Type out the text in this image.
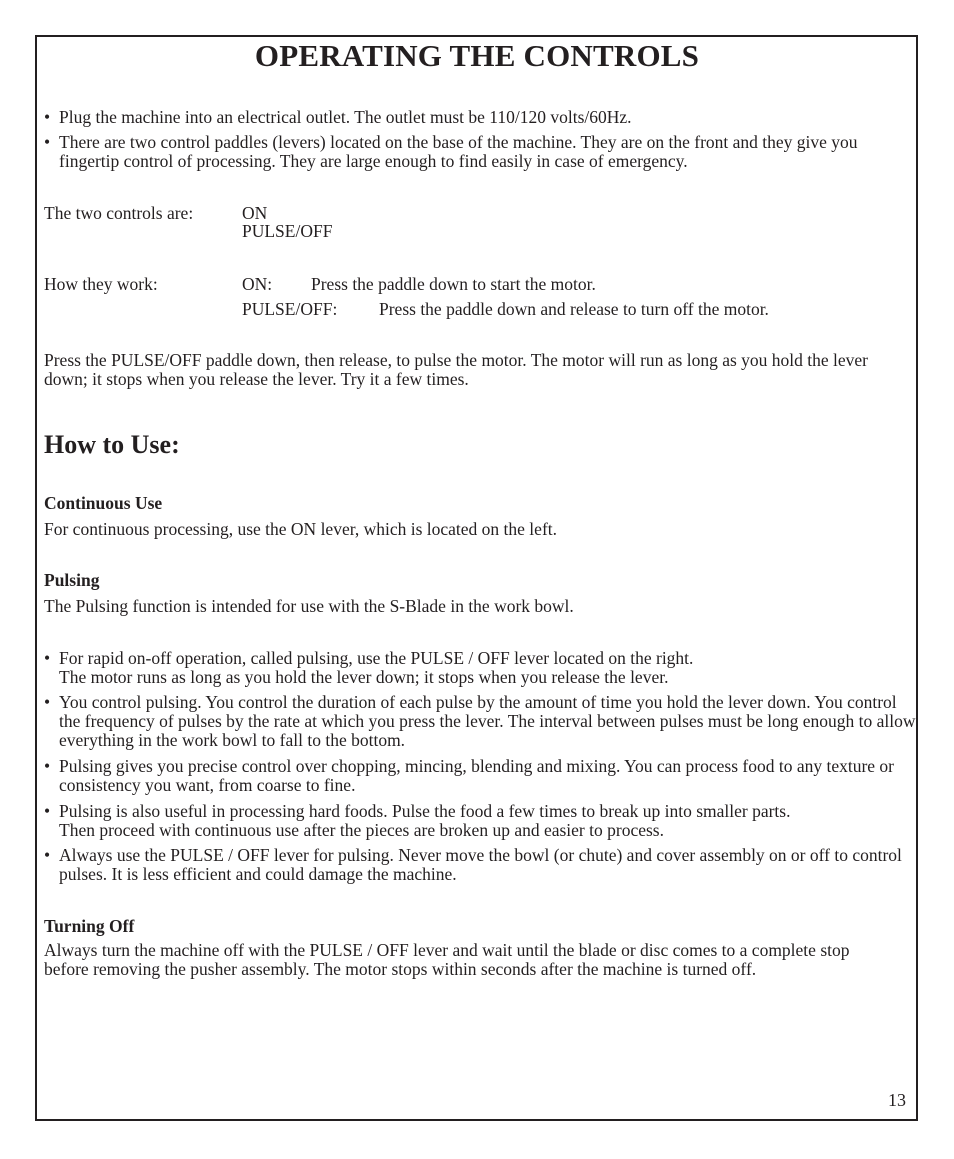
OPERATING THE CONTROLS
• Plug the machine into an electrical outlet. The outlet must be 110/120 volts/60Hz.
• There are two control paddles (levers) located on the base of the machine. They are on the front and they give you fingertip control of processing. They are large enough to find easily in case of emergency.
The two controls are:	ON
PULSE/OFF
How they work:	ON: Press the paddle down to start the motor.
PULSE/OFF: Press the paddle down and release to turn off the motor.

Press the PULSE/OFF paddle down, then release, to pulse the motor. The motor will run as long as you hold the lever down; it stops when you release the lever. Try it a few times.

How to Use:
Continuous Use
For continuous processing, use the ON lever, which is located on the left.
Pulsing
The Pulsing function is intended for use with the S-Blade in the work bowl.
• For rapid on-off operation, called pulsing, use the PULSE / OFF lever located on the right.
The motor runs as long as you hold the lever down; it stops when you release the lever.
• You control pulsing. You control the duration of each pulse by the amount of time you hold the lever down. You control the frequency of pulses by the rate at which you press the lever. The interval between pulses must be long enough to allow everything in the work bowl to fall to the bottom.
• Pulsing gives you precise control over chopping, mincing, blending and mixing. You can process food to any texture or consistency you want, from coarse to fine.
• Pulsing is also useful in processing hard foods. Pulse the food a few times to break up into smaller parts.
Then proceed with continuous use after the pieces are broken up and easier to process.
• Always use the PULSE / OFF lever for pulsing. Never move the bowl (or chute) and cover assembly on or off to control pulses. It is less efficient and could damage the machine.
Turning Off

Always turn the machine off with the PULSE / OFF lever and wait until the blade or disc comes to a complete stop before removing the pusher assembly. The motor stops within seconds after the machine is turned off.

13
